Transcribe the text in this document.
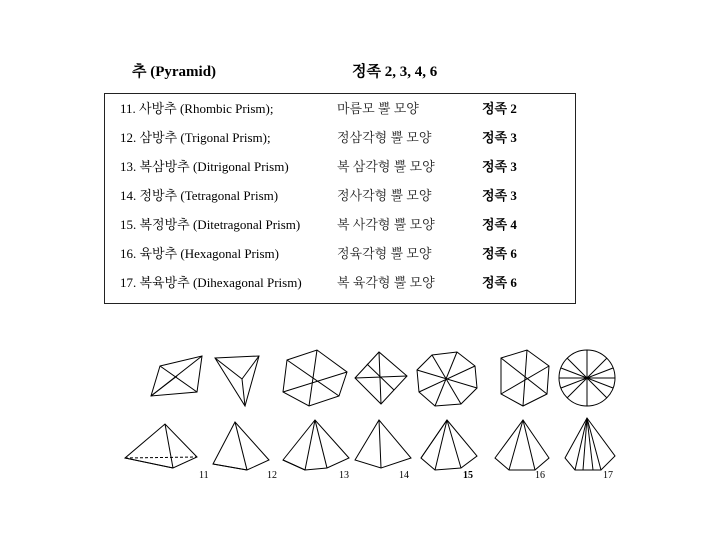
추 (Pyramid)	정족 2, 3, 4, 6
11. 사방추 (Rhombic Prism);	마름모 뿔 모양	정족 2
12. 삼방추 (Trigonal Prism);	정삼각형 뿔 모양	정족 3
13. 복삼방추 (Ditrigonal Prism)	복 삼각형 뿔 모양	정족 3
14. 정방추 (Tetragonal Prism)	정사각형 뿔 모양	정족 3
15. 복정방추 (Ditetragonal Prism)	복 사각형 뿔 모양	정족 4
16. 육방추 (Hexagonal Prism)	정육각형 뿔 모양	정족 6
17. 복육방추 (Dihexagonal Prism)	복 육각형 뿔 모양	정족 6
11	12	13	14	15	16	17
